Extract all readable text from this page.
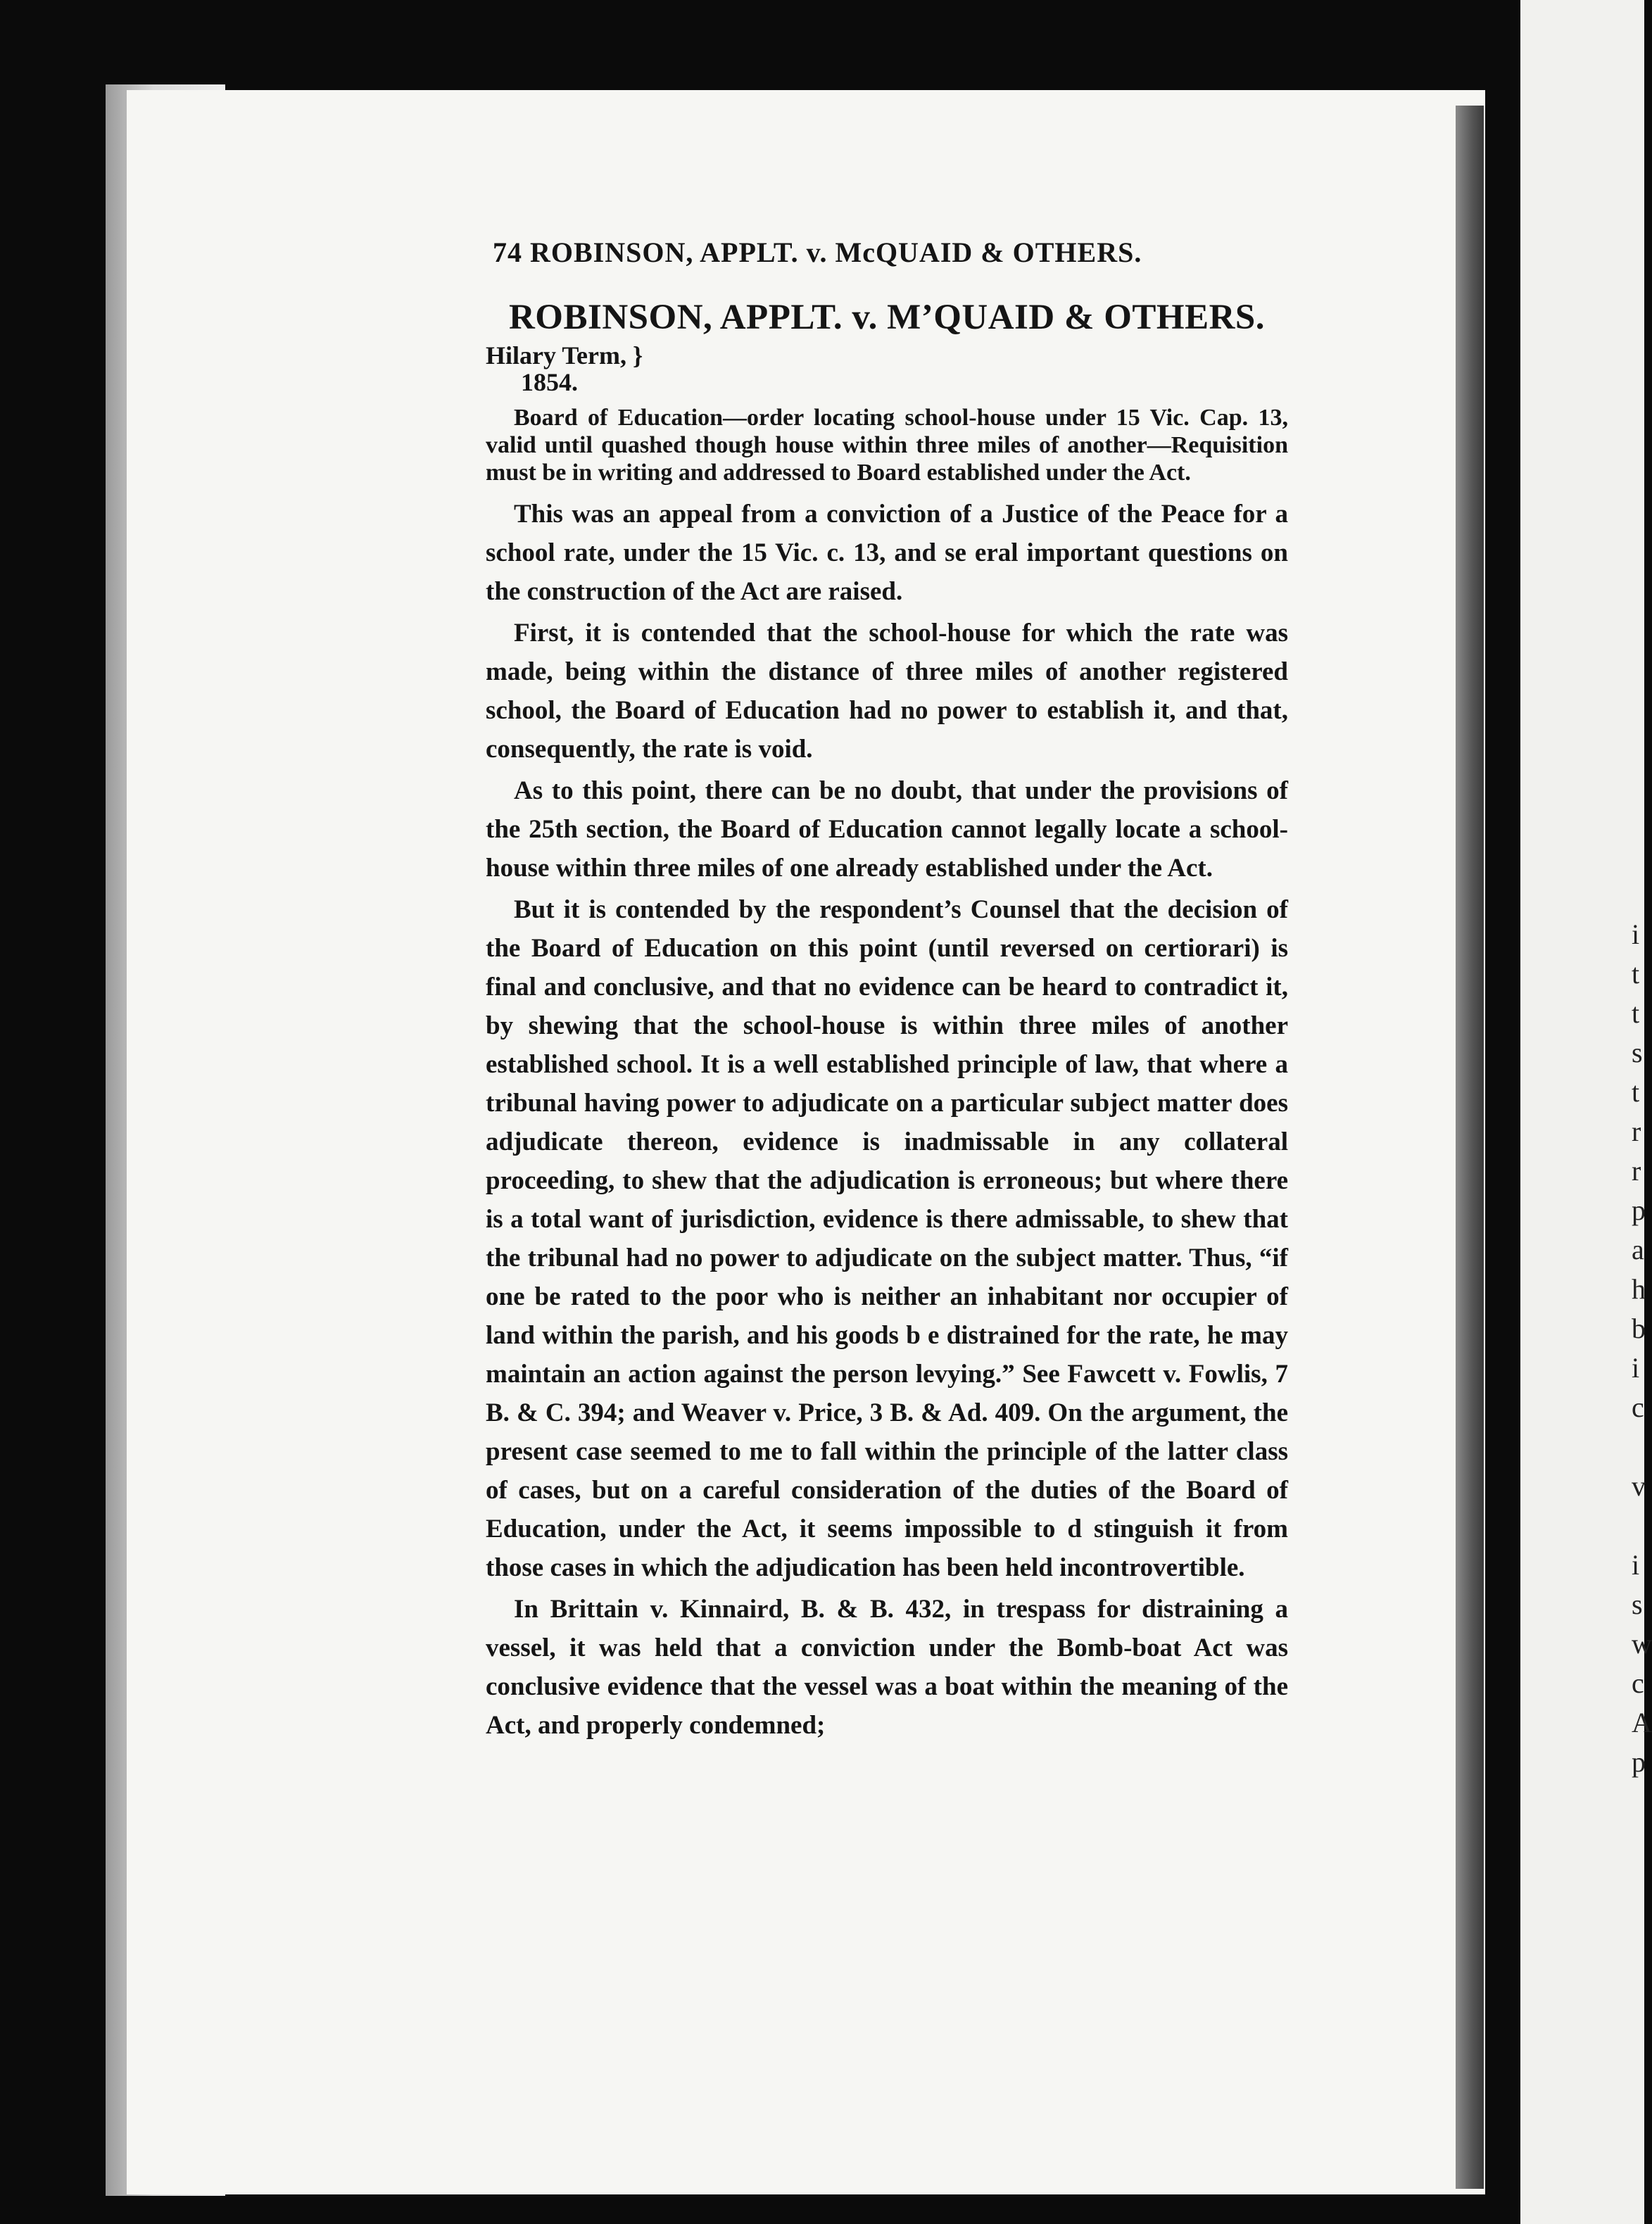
i
t
t
s
t
r
r
p
a
h
b
i
c

v

i
s
w
c
A
p
74 ROBINSON, APPLT. v. McQUAID & OTHERS.
ROBINSON, APPLT. v. M’QUAID & OTHERS.
Hilary Term, }
1854.

Board of Education—order locating school-house under 15 Vic. Cap. 13, valid until quashed though house within three miles of another—Requisition must be in writing and addressed to Board established under the Act.

This was an appeal from a conviction of a Justice of the Peace for a school rate, under the 15 Vic. c. 13, and se eral important questions on the construction of the Act are raised.

First, it is contended that the school-house for which the rate was made, being within the distance of three miles of another registered school, the Board of Education had no power to establish it, and that, consequently, the rate is void.

As to this point, there can be no doubt, that under the provisions of the 25th section, the Board of Education cannot legally locate a school-house within three miles of one already established under the Act.

But it is contended by the respondent’s Counsel that the decision of the Board of Education on this point (until reversed on certiorari) is final and conclusive, and that no evidence can be heard to contradict it, by shewing that the school-house is within three miles of another established school. It is a well established principle of law, that where a tribunal having power to adjudicate on a particular subject matter does adjudicate thereon, evidence is inadmissable in any collateral proceeding, to shew that the adjudication is erroneous; but where there is a total want of jurisdiction, evidence is there admissable, to shew that the tribunal had no power to adjudicate on the subject matter. Thus, “if one be rated to the poor who is neither an inhabitant nor occupier of land within the parish, and his goods b e distrained for the rate, he may maintain an action against the person levying.” See Fawcett v. Fowlis, 7 B. & C. 394; and Weaver v. Price, 3 B. & Ad. 409. On the argument, the present case seemed to me to fall within the principle of the latter class of cases, but on a careful consideration of the duties of the Board of Education, under the Act, it seems impossible to d stinguish it from those cases in which the adjudication has been held incontrovertible.

In Brittain v. Kinnaird, B. & B. 432, in trespass for distraining a vessel, it was held that a conviction under the Bomb-boat Act was conclusive evidence that the vessel was a boat within the meaning of the Act, and properly condemned;
